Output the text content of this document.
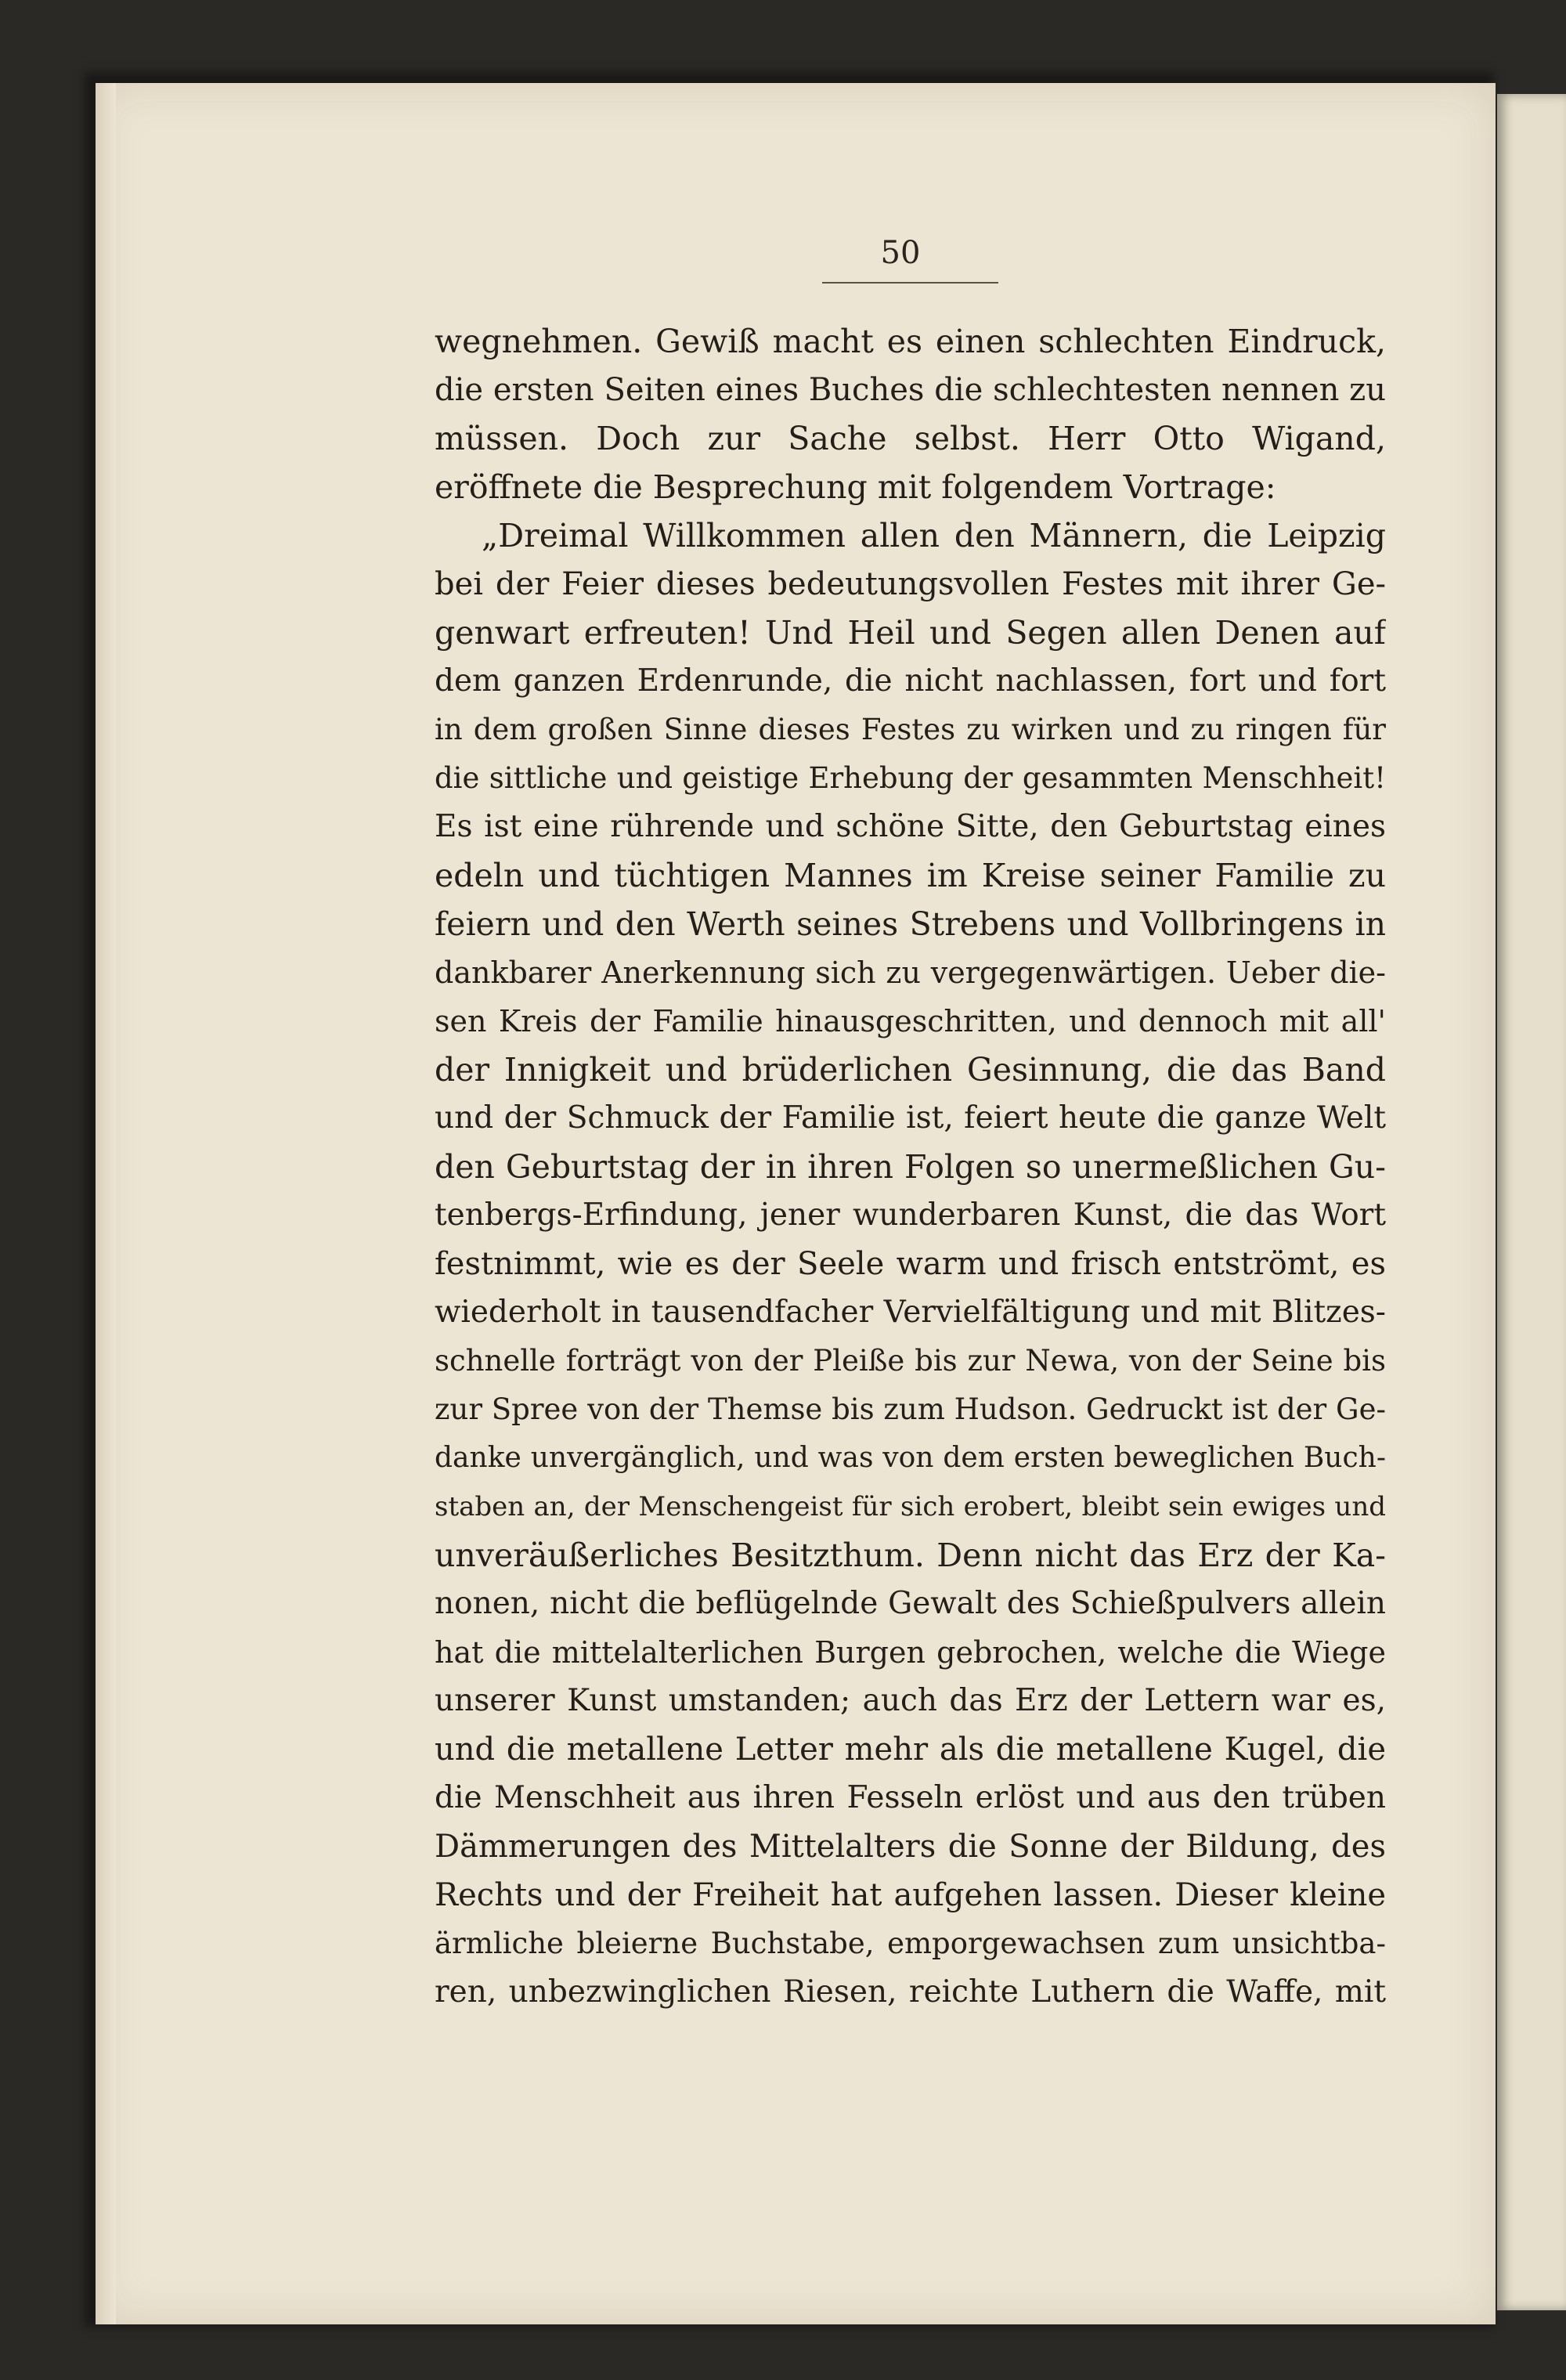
50
wegnehmen. Gewiß macht es einen schlechten Eindruck,
die ersten Seiten eines Buches die schlechtesten nennen zu
müssen. Doch zur Sache selbst. Herr Otto Wigand,
eröffnete die Besprechung mit folgendem Vortrage:
„Dreimal Willkommen allen den Männern, die Leipzig
bei der Feier dieses bedeutungsvollen Festes mit ihrer Ge-
genwart erfreuten! Und Heil und Segen allen Denen auf
dem ganzen Erdenrunde, die nicht nachlassen, fort und fort
in dem großen Sinne dieses Festes zu wirken und zu ringen für
die sittliche und geistige Erhebung der gesammten Menschheit!
Es ist eine rührende und schöne Sitte, den Geburtstag eines
edeln und tüchtigen Mannes im Kreise seiner Familie zu
feiern und den Werth seines Strebens und Vollbringens in
dankbarer Anerkennung sich zu vergegenwärtigen. Ueber die-
sen Kreis der Familie hinausgeschritten, und dennoch mit all'
der Innigkeit und brüderlichen Gesinnung, die das Band
und der Schmuck der Familie ist, feiert heute die ganze Welt
den Geburtstag der in ihren Folgen so unermeßlichen Gu-
tenbergs-Erfindung, jener wunderbaren Kunst, die das Wort
festnimmt, wie es der Seele warm und frisch entströmt, es
wiederholt in tausendfacher Vervielfältigung und mit Blitzes-
schnelle forträgt von der Pleiße bis zur Newa, von der Seine bis
zur Spree von der Themse bis zum Hudson. Gedruckt ist der Ge-
danke unvergänglich, und was von dem ersten beweglichen Buch-
staben an, der Menschengeist für sich erobert, bleibt sein ewiges und
unveräußerliches Besitzthum. Denn nicht das Erz der Ka-
nonen, nicht die beflügelnde Gewalt des Schießpulvers allein
hat die mittelalterlichen Burgen gebrochen, welche die Wiege
unserer Kunst umstanden; auch das Erz der Lettern war es,
und die metallene Letter mehr als die metallene Kugel, die
die Menschheit aus ihren Fesseln erlöst und aus den trüben
Dämmerungen des Mittelalters die Sonne der Bildung, des
Rechts und der Freiheit hat aufgehen lassen. Dieser kleine
ärmliche bleierne Buchstabe, emporgewachsen zum unsichtba-
ren, unbezwinglichen Riesen, reichte Luthern die Waffe, mit
